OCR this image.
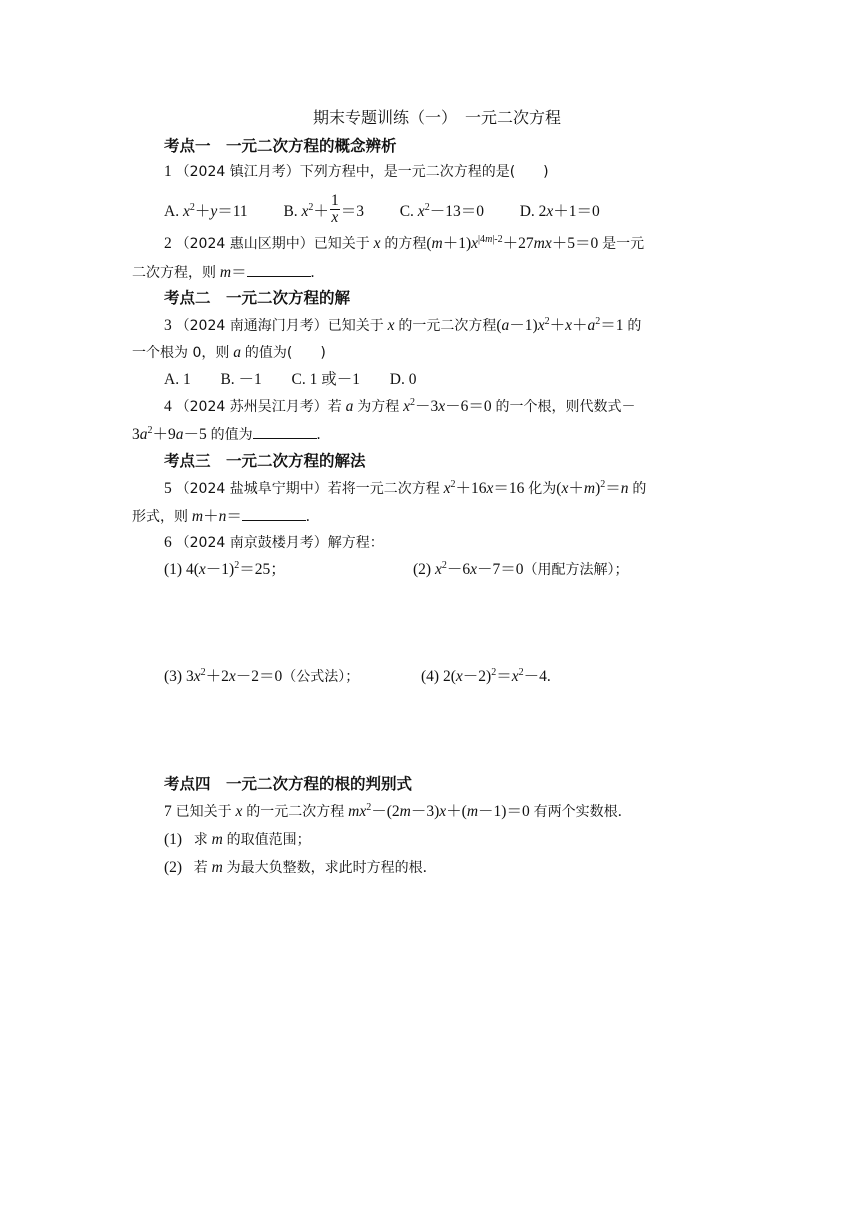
期末专题训练（一）　一元二次方程
考点一　一元二次方程的概念辨析
1 （2024 镇江月考）下列方程中，是一元二次方程的是(　　)
A. $x^2+y=11$ B. $x^2+ \frac{1}{x} =3$ C. $x^2-13=0$ D. 2x＋1＝0
2 （2024 惠山区期中）已知关于 x 的方程$(m+1)x^{|4m|-2}+27mx+5=0$ 是一元
二次方程，则 m＝	.
考点二　一元二次方程的解
3 （2024 南通海门月考）已知关于 x 的一元二次方程$(a-1)x^2+x+a^2=1$ 的
一个根为 0，则 a 的值为(　　)
A. 1 B. －1 C. 1 或－1 D. 0
4 （2024 苏州吴江月考）若 a 为方程 $x^2-3x-6=0$ 的一个根，则代数式－
$3a^2+9a-5$ 的值为	.
考点三　一元二次方程的解法
5 （2024 盐城阜宁期中）若将一元二次方程 $x^2+16x=16$ 化为$(x+m)^2=n$ 的
形式，则 m＋n＝	.
6 （2024 南京鼓楼月考）解方程：
(1) $4(x-1)^2=25$；	(2) $x^2-6x-7=0$（用配方法解）；
(3) $3x^2+2x-2=0$（公式法）；	(4) $2(x-2)^2=x^2-4$.
考点四　一元二次方程的根的判别式
7 已知关于 x 的一元二次方程 $mx^2-(2m-3)x+(m-1)=0$ 有两个实数根．
(1) 求 m 的取值范围；
(2) 若 m 为最大负整数，求此时方程的根．
